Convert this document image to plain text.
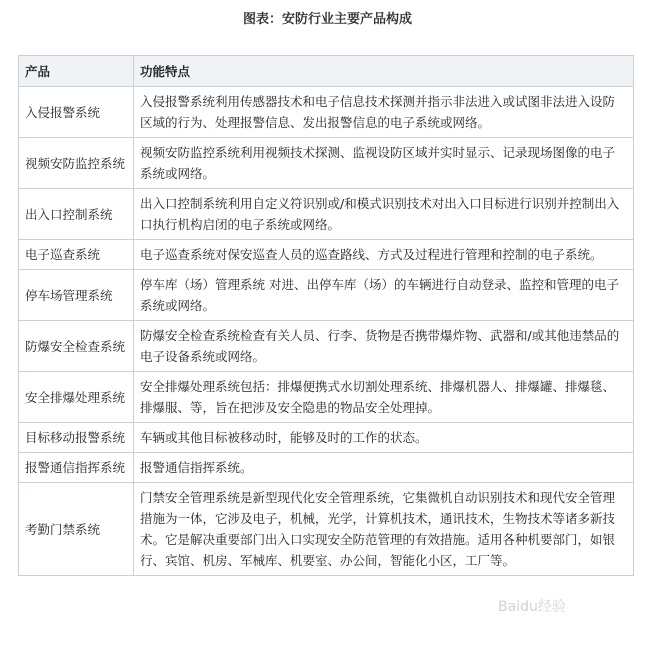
图表：安防行业主要产品构成
产品	功能特点
入侵报警系统	入侵报警系统利用传感器技术和电子信息技术探测并指示非法进入或试图非法进入设防区域的行为、处理报警信息、发出报警信息的电子系统或网络。
视频安防监控系统	视频安防监控系统利用视频技术探测、监视设防区域并实时显示、记录现场图像的电子系统或网络。
出入口控制系统	出入口控制系统利用自定义符识别或/和模式识别技术对出入口目标进行识别并控制出入口执行机构启闭的电子系统或网络。
电子巡查系统	电子巡查系统对保安巡查人员的巡查路线、方式及过程进行管理和控制的电子系统。
停车场管理系统	停车库（场）管理系统 对进、出停车库（场）的车辆进行自动登录、监控和管理的电子系统或网络。
防爆安全检查系统	防爆安全检查系统检查有关人员、行李、货物是否携带爆炸物、武器和/或其他违禁品的电子设备系统或网络。
安全排爆处理系统	安全排爆处理系统包括：排爆便携式水切割处理系统、排爆机器人、排爆罐、排爆毯、排爆服、等，旨在把涉及安全隐患的物品安全处理掉。
目标移动报警系统	车辆或其他目标被移动时，能够及时的工作的状态。
报警通信指挥系统	报警通信指挥系统。
考勤门禁系统	门禁安全管理系统是新型现代化安全管理系统，它集微机自动识别技术和现代安全管理措施为一体，它涉及电子，机械，光学，计算机技术，通讯技术，生物技术等诸多新技术。它是解决重要部门出入口实现安全防范管理的有效措施。适用各种机要部门，如银行、宾馆、机房、军械库、机要室、办公间，智能化小区，工厂等。
Baidu经验
